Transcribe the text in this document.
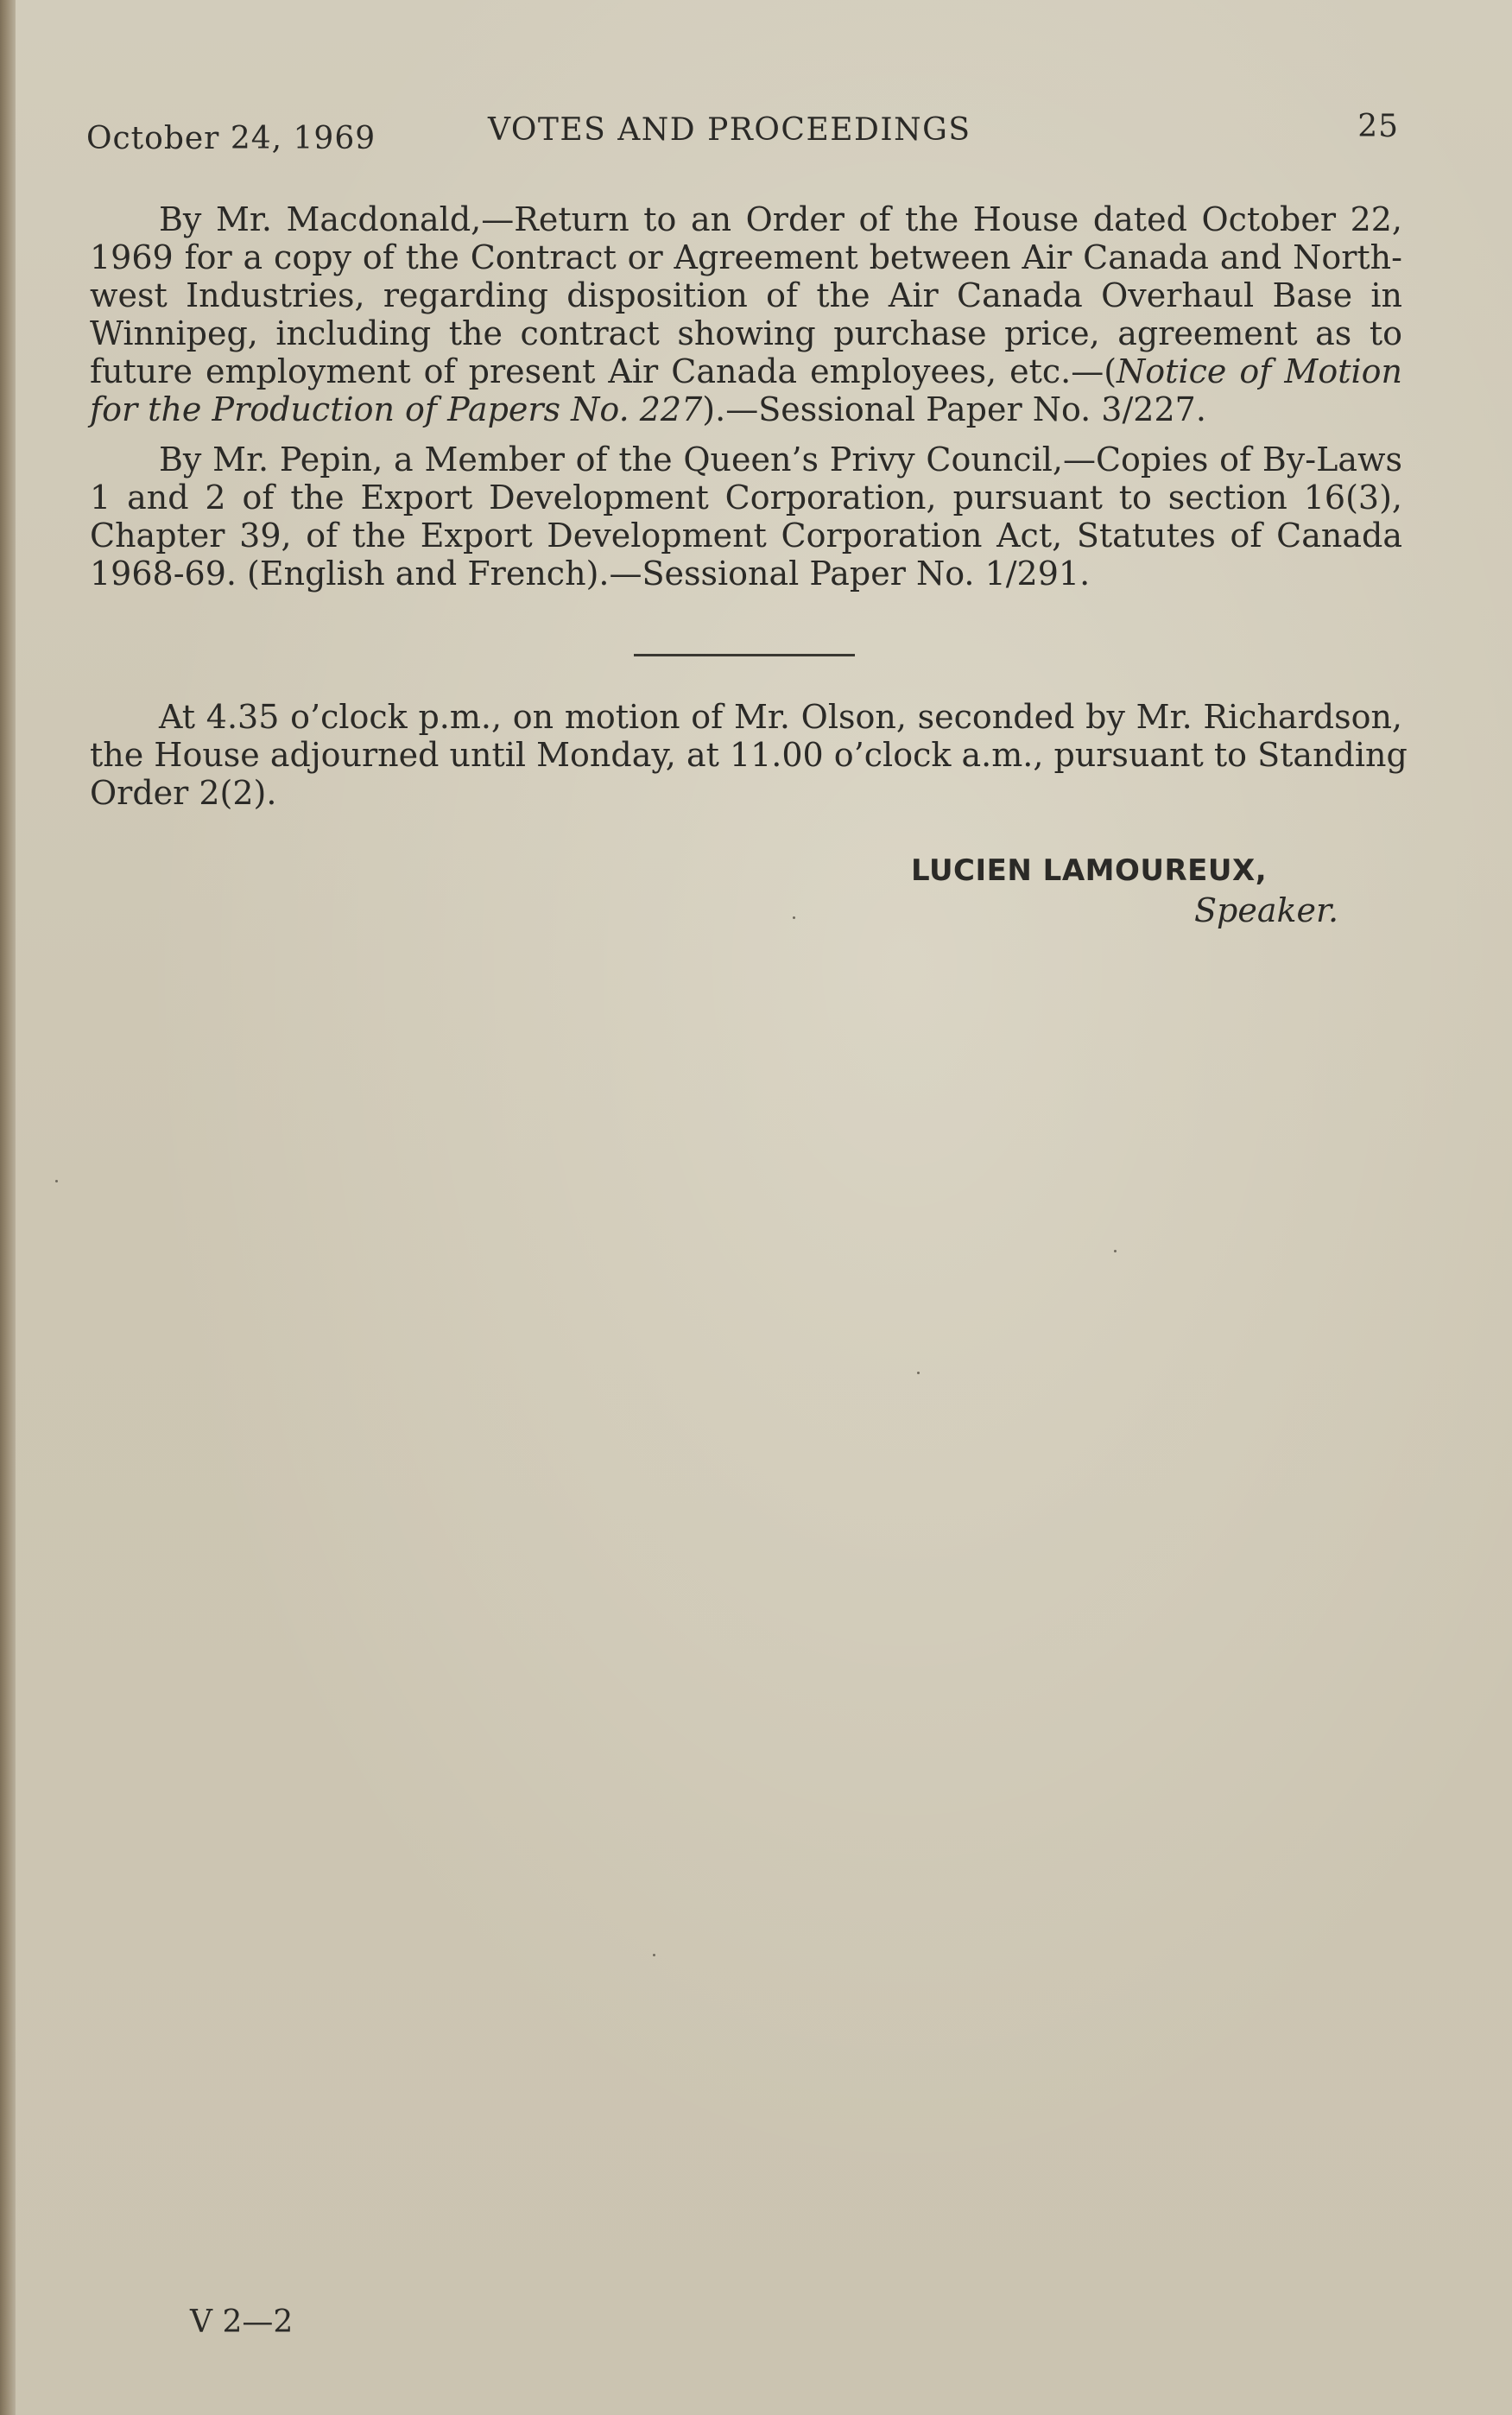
October 24, 1969	VOTES AND PROCEEDINGS	25
By Mr. Macdonald,—Return to an Order of the House dated October 22,
1969 for a copy of the Contract or Agreement between Air Canada and North-
west Industries, regarding disposition of the Air Canada Overhaul Base in
Winnipeg, including the contract showing purchase price, agreement as to
future employment of present Air Canada employees, etc.—(Notice of Motion
for the Production of Papers No. 227).—Sessional Paper No. 3/227.
By Mr. Pepin, a Member of the Queen’s Privy Council,—Copies of By-Laws
1 and 2 of the Export Development Corporation, pursuant to section 16(3),
Chapter 39, of the Export Development Corporation Act, Statutes of Canada
1968-69. (English and French).—Sessional Paper No. 1/291.
At 4.35 o’clock p.m., on motion of Mr. Olson, seconded by Mr. Richardson,
the House adjourned until Monday, at 11.00 o’clock a.m., pursuant to Standing
Order 2(2).
LUCIEN LAMOUREUX,
Speaker.
V 2—2
